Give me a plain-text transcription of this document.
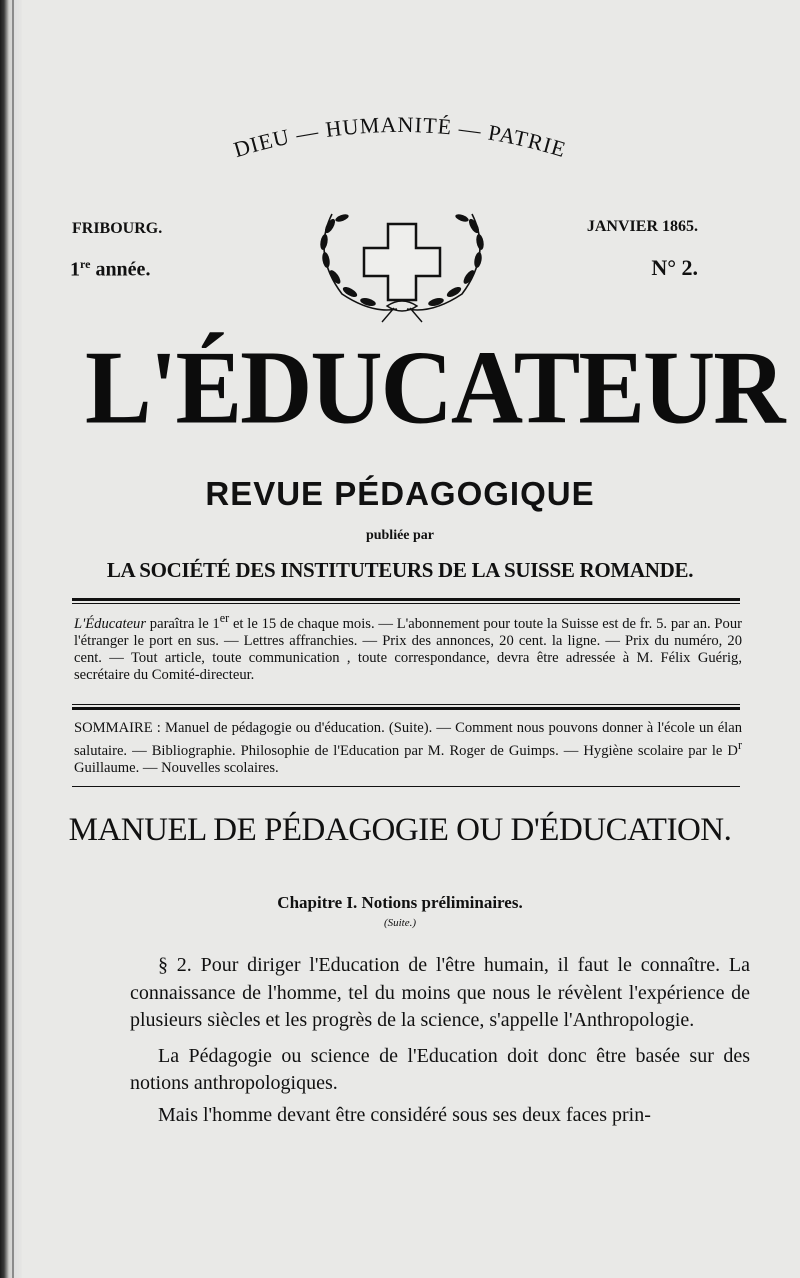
DIEU — HUMANITÉ — PATRIE
FRIBOURG.	JANVIER 1865.
1re année.	N° 2.
L'ÉDUCATEUR
REVUE PÉDAGOGIQUE
publiée par
LA SOCIÉTÉ DES INSTITUTEURS DE LA SUISSE ROMANDE.
L'Éducateur paraîtra le 1er et le 15 de chaque mois. — L'abonnement pour toute la Suisse est de fr. 5. par an. Pour l'étranger le port en sus. — Lettres affranchies. — Prix des annonces, 20 cent. la ligne. — Prix du numéro, 20 cent. — Tout article, toute communication , toute correspondance, devra être adressée à M. Félix Guérig, secrétaire du Comité-directeur.
SOMMAIRE : Manuel de pédagogie ou d'éducation. (Suite). — Comment nous pouvons donner à l'école un élan salutaire. — Bibliographie. Philosophie de l'Education par M. Roger de Guimps. — Hygiène scolaire par le $D^r$ Guillaume. — Nouvelles scolaires.
MANUEL DE PÉDAGOGIE OU D'ÉDUCATION.
Chapitre I. Notions préliminaires.
(Suite.)

§ 2. Pour diriger l'Education de l'être humain, il faut le connaître. La connaissance de l'homme, tel du moins que nous le révèlent l'expérience de plusieurs siècles et les progrès de la science, s'appelle l'Anthropologie.

La Pédagogie ou science de l'Education doit donc être basée sur des notions anthropologiques.

Mais l'homme devant être considéré sous ses deux faces prin-
